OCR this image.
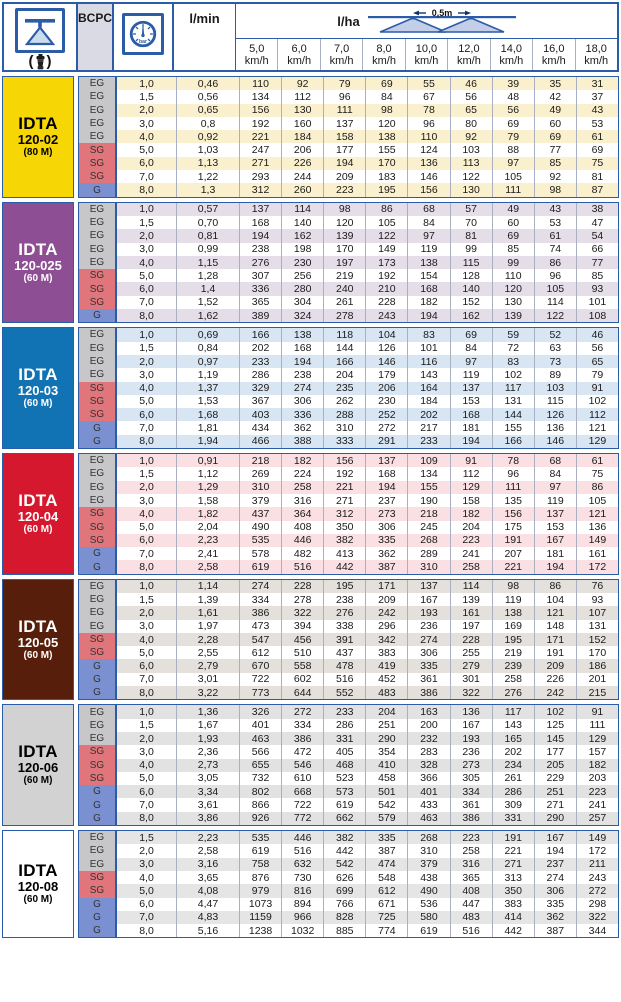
( )
BCPC
bar
l/min	l/ha
0,5m
5,0
km/h
6,0
km/h
7,0
km/h
8,0
km/h
10,0
km/h
12,0
km/h
14,0
km/h
16,0
km/h
18,0
km/h
IDTA
120-02
(80 M)
EG	1,0	0,46	110	92	79	69	55	46	39	35	31
EG	1,5	0,56	134	112	96	84	67	56	48	42	37
EG	2,0	0,65	156	130	111	98	78	65	56	49	43
EG	3,0	0,8	192	160	137	120	96	80	69	60	53
EG	4,0	0,92	221	184	158	138	110	92	79	69	61
SG	5,0	1,03	247	206	177	155	124	103	88	77	69
SG	6,0	1,13	271	226	194	170	136	113	97	85	75
SG	7,0	1,22	293	244	209	183	146	122	105	92	81
G	8,0	1,3	312	260	223	195	156	130	111	98	87
IDTA
120-025
(60 M)
EG	1,0	0,57	137	114	98	86	68	57	49	43	38
EG	1,5	0,70	168	140	120	105	84	70	60	53	47
EG	2,0	0,81	194	162	139	122	97	81	69	61	54
EG	3,0	0,99	238	198	170	149	119	99	85	74	66
EG	4,0	1,15	276	230	197	173	138	115	99	86	77
SG	5,0	1,28	307	256	219	192	154	128	110	96	85
SG	6,0	1,4	336	280	240	210	168	140	120	105	93
SG	7,0	1,52	365	304	261	228	182	152	130	114	101
G	8,0	1,62	389	324	278	243	194	162	139	122	108
IDTA
120-03
(60 M)
EG	1,0	0,69	166	138	118	104	83	69	59	52	46
EG	1,5	0,84	202	168	144	126	101	84	72	63	56
EG	2,0	0,97	233	194	166	146	116	97	83	73	65
EG	3,0	1,19	286	238	204	179	143	119	102	89	79
SG	4,0	1,37	329	274	235	206	164	137	117	103	91
SG	5,0	1,53	367	306	262	230	184	153	131	115	102
SG	6,0	1,68	403	336	288	252	202	168	144	126	112
G	7,0	1,81	434	362	310	272	217	181	155	136	121
G	8,0	1,94	466	388	333	291	233	194	166	146	129
IDTA
120-04
(60 M)
EG	1,0	0,91	218	182	156	137	109	91	78	68	61
EG	1,5	1,12	269	224	192	168	134	112	96	84	75
EG	2,0	1,29	310	258	221	194	155	129	111	97	86
EG	3,0	1,58	379	316	271	237	190	158	135	119	105
SG	4,0	1,82	437	364	312	273	218	182	156	137	121
SG	5,0	2,04	490	408	350	306	245	204	175	153	136
SG	6,0	2,23	535	446	382	335	268	223	191	167	149
G	7,0	2,41	578	482	413	362	289	241	207	181	161
G	8,0	2,58	619	516	442	387	310	258	221	194	172
IDTA
120-05
(60 M)
EG	1,0	1,14	274	228	195	171	137	114	98	86	76
EG	1,5	1,39	334	278	238	209	167	139	119	104	93
EG	2,0	1,61	386	322	276	242	193	161	138	121	107
EG	3,0	1,97	473	394	338	296	236	197	169	148	131
SG	4,0	2,28	547	456	391	342	274	228	195	171	152
SG	5,0	2,55	612	510	437	383	306	255	219	191	170
G	6,0	2,79	670	558	478	419	335	279	239	209	186
G	7,0	3,01	722	602	516	452	361	301	258	226	201
G	8,0	3,22	773	644	552	483	386	322	276	242	215
IDTA
120-06
(60 M)
EG	1,0	1,36	326	272	233	204	163	136	117	102	91
EG	1,5	1,67	401	334	286	251	200	167	143	125	111
EG	2,0	1,93	463	386	331	290	232	193	165	145	129
SG	3,0	2,36	566	472	405	354	283	236	202	177	157
SG	4,0	2,73	655	546	468	410	328	273	234	205	182
SG	5,0	3,05	732	610	523	458	366	305	261	229	203
G	6,0	3,34	802	668	573	501	401	334	286	251	223
G	7,0	3,61	866	722	619	542	433	361	309	271	241
G	8,0	3,86	926	772	662	579	463	386	331	290	257
IDTA
120-08
(60 M)
EG	1,5	2,23	535	446	382	335	268	223	191	167	149
EG	2,0	2,58	619	516	442	387	310	258	221	194	172
EG	3,0	3,16	758	632	542	474	379	316	271	237	211
SG	4,0	3,65	876	730	626	548	438	365	313	274	243
SG	5,0	4,08	979	816	699	612	490	408	350	306	272
G	6,0	4,47	1073	894	766	671	536	447	383	335	298
G	7,0	4,83	1159	966	828	725	580	483	414	362	322
G	8,0	5,16	1238	1032	885	774	619	516	442	387	344
